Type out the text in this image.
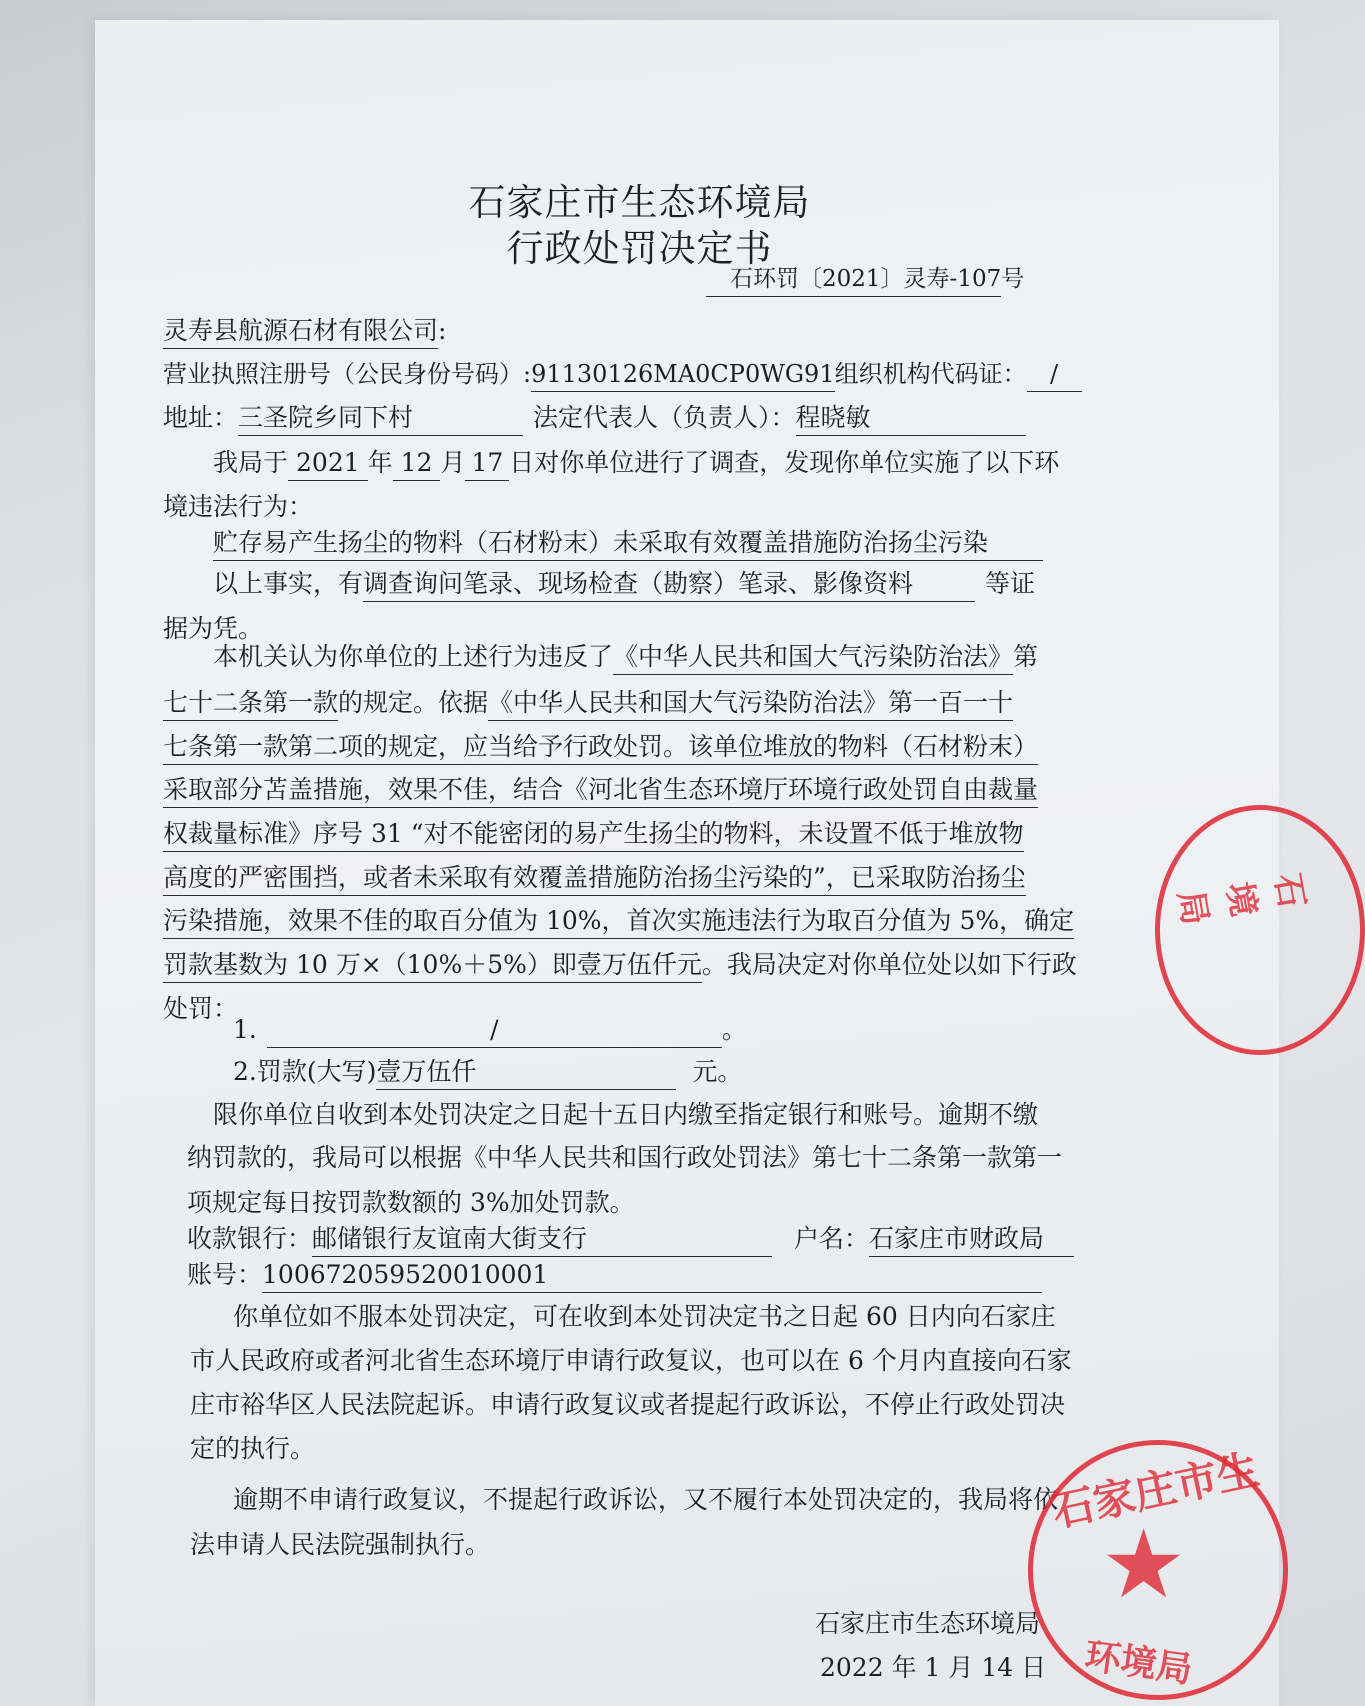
石家庄市生态环境局
行政处罚决定书
石环罚〔2021〕灵寿-107号
灵寿县航源石材有限公司:
营业执照注册号（公民身份号码）:91130126MA0CP0WG91组织机构代码证： /
地址：三圣院乡同下村	法定代表人（负责人）：程晓敏
我局于 2021 年 12 月 17 日对你单位进行了调查，发现你单位实施了以下环
境违法行为：
贮存易产生扬尘的物料（石材粉末）未采取有效覆盖措施防治扬尘污染
以上事实，有调查询问笔录、现场检查（勘察）笔录、影像资料	等证
据为凭。
本机关认为你单位的上述行为违反了《中华人民共和国大气污染防治法》第
七十二条第一款的规定。依据《中华人民共和国大气污染防治法》第一百一十
七条第一款第二项的规定，应当给予行政处罚。该单位堆放的物料（石材粉末）
采取部分苫盖措施，效果不佳，结合《河北省生态环境厅环境行政处罚自由裁量
权裁量标准》序号 31 “对不能密闭的易产生扬尘的物料，未设置不低于堆放物
高度的严密围挡，或者未采取有效覆盖措施防治扬尘污染的”，已采取防治扬尘
污染措施，效果不佳的取百分值为 10%，首次实施违法行为取百分值为 5%，确定
罚款基数为 10 万×（10%＋5%）即壹万伍仟元。我局决定对你单位处以如下行政
处罚：
1.	/	。
2.罚款(大写)壹万伍仟	元。
限你单位自收到本处罚决定之日起十五日内缴至指定银行和账号。逾期不缴
纳罚款的，我局可以根据《中华人民共和国行政处罚法》第七十二条第一款第一
项规定每日按罚款数额的 3%加处罚款。
收款银行：邮储银行友谊南大街支行	户名：石家庄市财政局
账号：100672059520010001
你单位如不服本处罚决定，可在收到本处罚决定书之日起 60 日内向石家庄
市人民政府或者河北省生态环境厅申请行政复议，也可以在 6 个月内直接向石家
庄市裕华区人民法院起诉。申请行政复议或者提起行政诉讼，不停止行政处罚决
定的执行。
逾期不申请行政复议，不提起行政诉讼，又不履行本处罚决定的，我局将依
法申请人民法院强制执行。
石家庄市生态环境局
2022 年 1 月 14 日
石家庄市生
★
环境局
石 境局
